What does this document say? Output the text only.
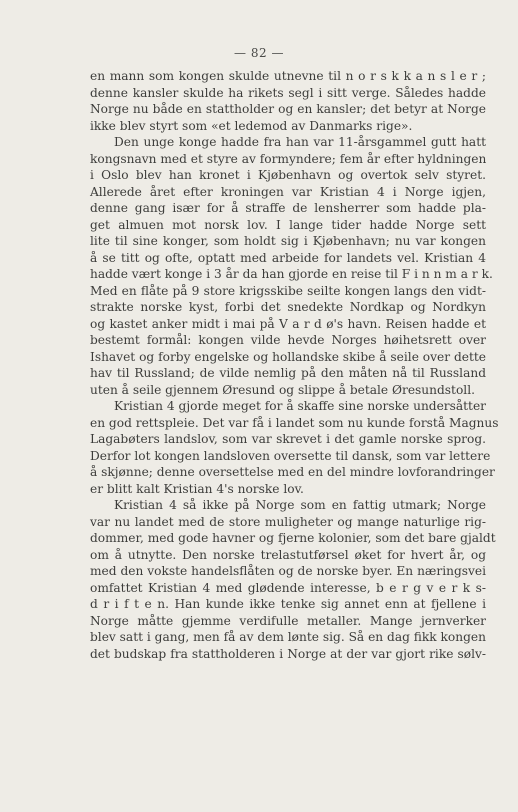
— 82 —
en mann som kongen skulde utnevne til n o r s k k a n s l e r ;
denne kansler skulde ha rikets segl i sitt verge. Således hadde
Norge nu både en stattholder og en kansler; det betyr at Norge
ikke blev styrt som «et ledemod av Danmarks rige».
Den unge konge hadde fra han var 11-årsgammel gutt hatt
kongsnavn med et styre av formyndere; fem år efter hyldningen
i Oslo blev han kronet i Kjøbenhavn og overtok selv styret.
Allerede året efter kroningen var Kristian 4 i Norge igjen,
denne gang især for å straffe de lensherrer som hadde pla-
get almuen mot norsk lov. I lange tider hadde Norge sett
lite til sine konger, som holdt sig i Kjøbenhavn; nu var kongen
å se titt og ofte, optatt med arbeide for landets vel. Kristian 4
hadde vært konge i 3 år da han gjorde en reise til F i n n m a r k.
Med en flåte på 9 store krigsskibe seilte kongen langs den vidt-
strakte norske kyst, forbi det snedekte Nordkap og Nordkyn
og kastet anker midt i mai på V a r d ø's havn. Reisen hadde et
bestemt formål: kongen vilde hevde Norges høihetsrett over
Ishavet og forby engelske og hollandske skibe å seile over dette
hav til Russland; de vilde nemlig på den måten nå til Russland
uten å seile gjennem Øresund og slippe å betale Øresundstoll.
Kristian 4 gjorde meget for å skaffe sine norske undersåtter
en god rettspleie. Det var få i landet som nu kunde forstå Magnus
Lagabøters landslov, som var skrevet i det gamle norske sprog.
Derfor lot kongen landsloven oversette til dansk, som var lettere
å skjønne; denne oversettelse med en del mindre lovforandringer
er blitt kalt Kristian 4's norske lov.
Kristian 4 så ikke på Norge som en fattig utmark; Norge
var nu landet med de store muligheter og mange naturlige rig-
dommer, med gode havner og fjerne kolonier, som det bare gjaldt
om å utnytte. Den norske trelastutførsel øket for hvert år, og
med den vokste handelsflåten og de norske byer. En næringsvei
omfattet Kristian 4 med glødende interesse, b e r g v e r k s-
d r i f t e n. Han kunde ikke tenke sig annet enn at fjellene i
Norge måtte gjemme verdifulle metaller. Mange jernverker
blev satt i gang, men få av dem lønte sig. Så en dag fikk kongen
det budskap fra stattholderen i Norge at der var gjort rike sølv-
